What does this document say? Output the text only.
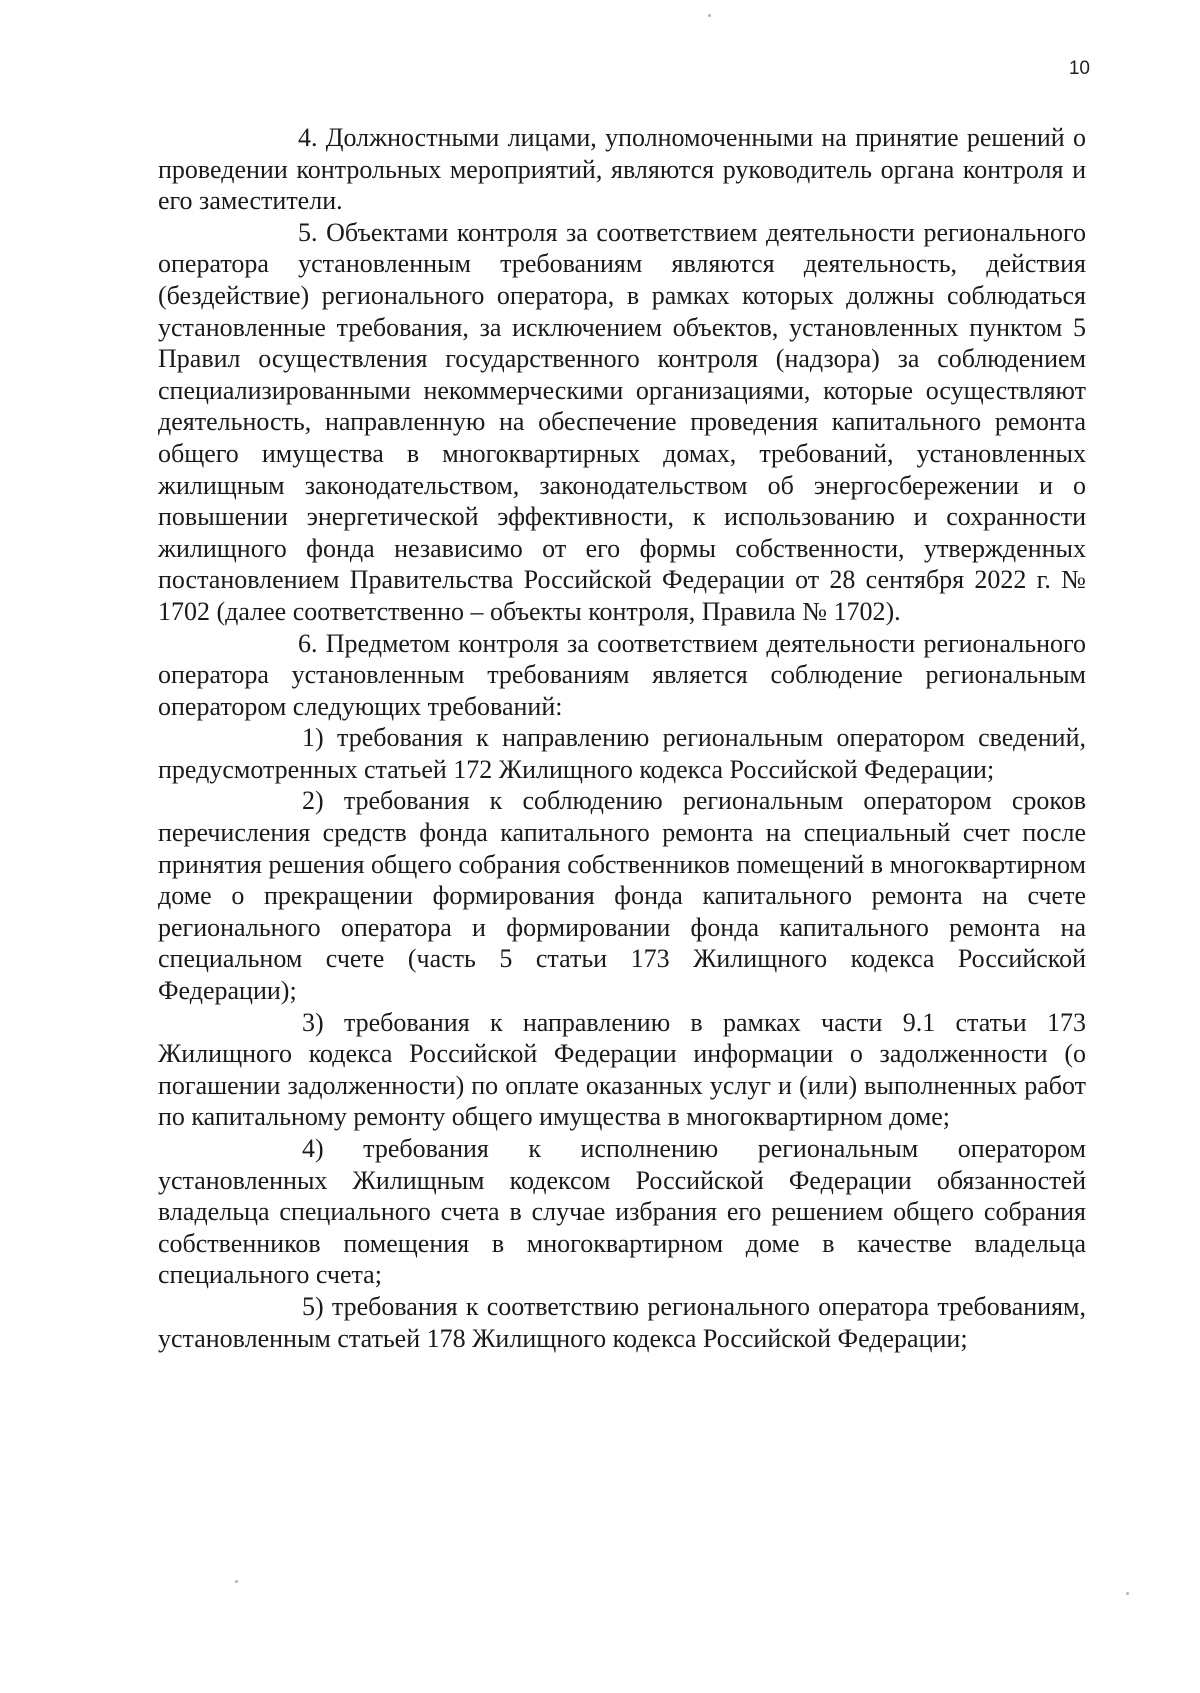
10

4. Должностными лицами, уполномоченными на принятие решений о проведении контрольных мероприятий, являются руководитель органа контроля и его заместители.

5. Объектами контроля за соответствием деятельности регионального оператора установленным требованиям являются деятельность, действия (бездействие) регионального оператора, в рамках которых должны соблюдаться установленные требования, за исключением объектов, установленных пунктом 5 Правил осуществления государственного контроля (надзора) за соблюдением специализированными некоммерческими организациями, которые осуществляют деятельность, направленную на обеспечение проведения капитального ремонта общего имущества в многоквартирных домах, требований, установленных жилищным законодательством, законодательством об энергосбережении и о повышении энергетической эффективности, к использованию и сохранности жилищного фонда независимо от его формы собственности, утвержденных постановлением Правительства Российской Федерации от 28 сентября 2022 г. № 1702 (далее соответственно – объекты контроля, Правила № 1702).

6. Предметом контроля за соответствием деятельности регионального оператора установленным требованиям является соблюдение региональным оператором следующих требований:

1) требования к направлению региональным оператором сведений, предусмотренных статьей 172 Жилищного кодекса Российской Федерации;

2) требования к соблюдению региональным оператором сроков перечисления средств фонда капитального ремонта на специальный счет после принятия решения общего собрания собственников помещений в многоквартирном доме о прекращении формирования фонда капитального ремонта на счете регионального оператора и формировании фонда капитального ремонта на специальном счете (часть 5 статьи 173 Жилищного кодекса Российской Федерации);

3) требования к направлению в рамках части 9.1 статьи 173 Жилищного кодекса Российской Федерации информации о задолженности (о погашении задолженности) по оплате оказанных услуг и (или) выполненных работ по капитальному ремонту общего имущества в многоквартирном доме;

4) требования к исполнению региональным оператором установленных Жилищным кодексом Российской Федерации обязанностей владельца специального счета в случае избрания его решением общего собрания собственников помещения в многоквартирном доме в качестве владельца специального счета;

5) требования к соответствию регионального оператора требованиям, установленным статьей 178 Жилищного кодекса Российской Федерации;
